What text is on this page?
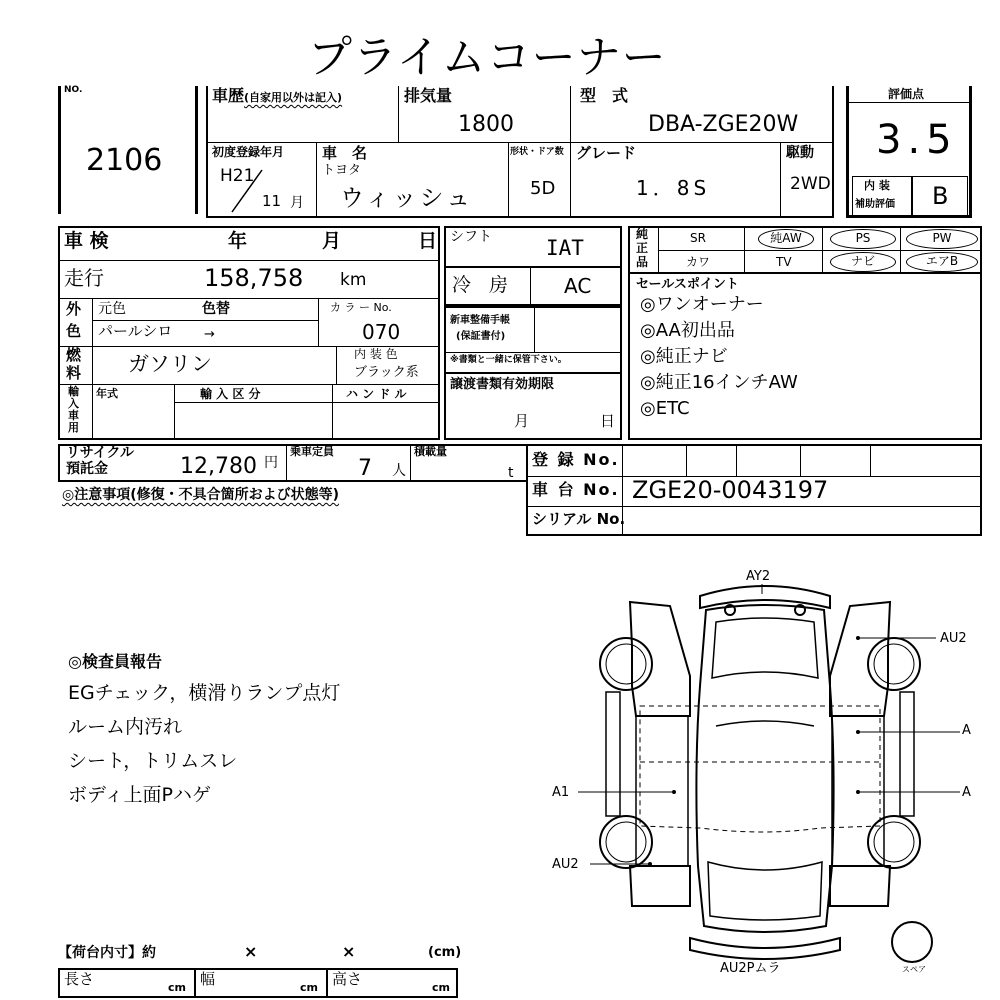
プライムコーナー
NO.
2106
車歴(自家用以外は記入)	排気量
1800
型　式
DBA-ZGE20W
初度登録年月
H21
11 月
車　名
トヨタ
ウィッシュ
形状・ドア数
5D
グレード
1．8S
駆動
2WD
評価点
3.5
内 装
補助評価 B
車 検	年	月	日
走行	158,758 km
外
色
元色	色替
パールシロ →
カ ラ ー No.
070
燃
料 ガソリン	内 装 色
ブラック系
輸
入
車
用
年式	輸 入 区 分	ハ ン ド ル
シフト	IAT
冷 房 AC
新車整備手帳
(保証書付)
※書類と一緒に保管下さい。
譲渡書類有効期限
月	日
純
正
品
SR	純AW	PS	PW
カワ	TV	ナビ	エアB
セールスポイント
◎ワンオーナー
◎AA初出品
◎純正ナビ
◎純正16インチAW
◎ETC
リサイクル
預託金	12,780 円
乗車定員
7 人
積載量
t
◎注意事項(修復・不具合箇所および状態等)
登 録 No.
車 台 No. ZGE20-0043197
シリアル No.
◎検査員報告
EGチェック，横滑りランプ点灯
ルーム内汚れ
シート，トリムスレ
ボディ上面Pハゲ
AY2
AU2
A
A
A1
AU2
AU2Pムラ	スペア
【荷台内寸】約	×	×	(cm)
長さ	cm 幅	cm 高さ	cm
